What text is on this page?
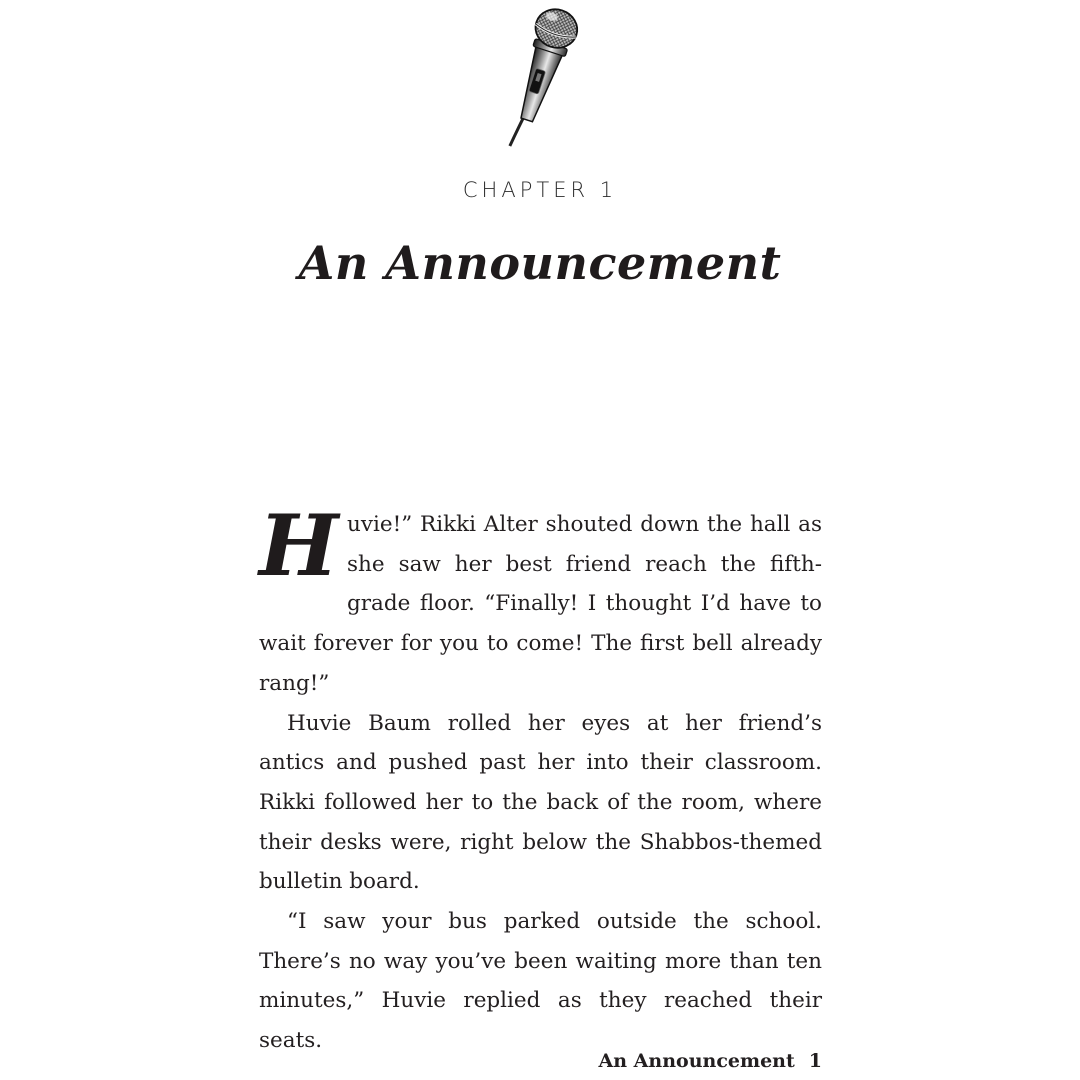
CHAPTER 1
An Announcement
H uvie!” Rikki Alter shouted down the hall as she saw her best friend reach the fifth-grade floor. “Finally! I thought I’d have to wait forever for you to come! The first bell already rang!”

Huvie Baum rolled her eyes at her friend’s antics and pushed past her into their classroom. Rikki followed her to the back of the room, where their desks were, right below the Shabbos-themed bulletin board.

“I saw your bus parked outside the school. There’s no way you’ve been waiting more than ten minutes,” Huvie replied as they reached their seats.

An Announcement 1
